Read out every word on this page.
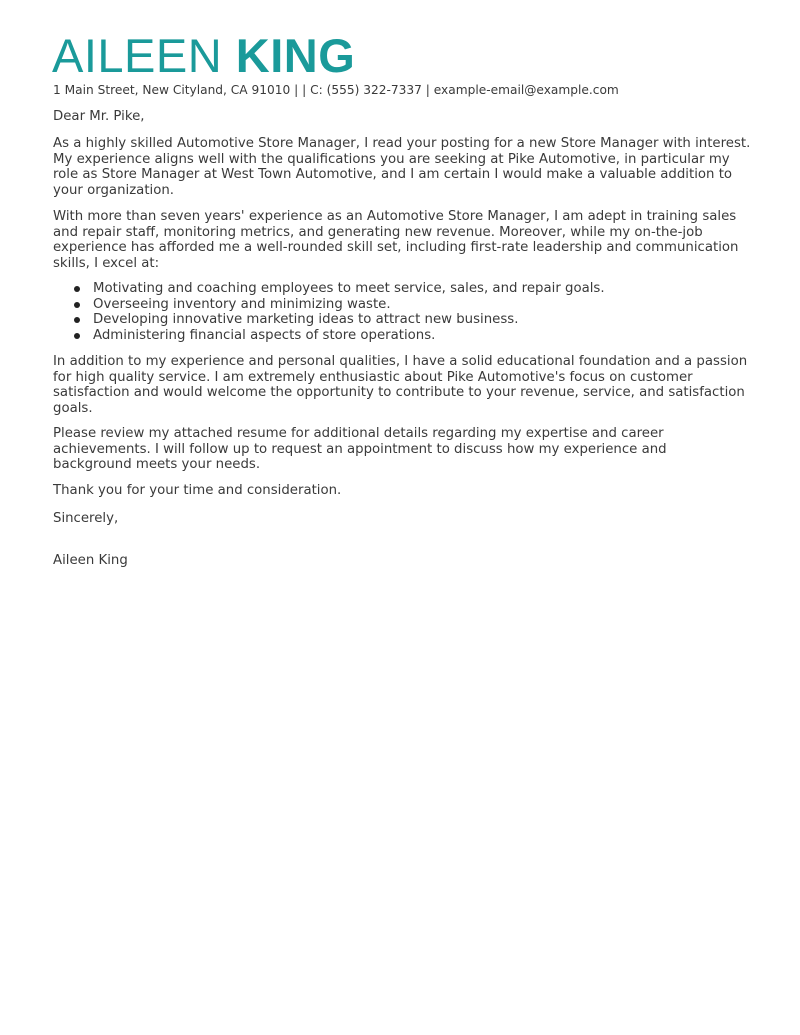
AILEEN KING
1 Main Street, New Cityland, CA 91010 | | C: (555) 322-7337 | example-email@example.com

Dear Mr. Pike,

As a highly skilled Automotive Store Manager, I read your posting for a new Store Manager with interest.

My experience aligns well with the qualifications you are seeking at Pike Automotive, in particular my

role as Store Manager at West Town Automotive, and I am certain I would make a valuable addition to

your organization.

With more than seven years' experience as an Automotive Store Manager, I am adept in training sales

and repair staff, monitoring metrics, and generating new revenue. Moreover, while my on-the-job

experience has afforded me a well-rounded skill set, including first-rate leadership and communication

skills, I excel at:

Motivating and coaching employees to meet service, sales, and repair goals.
Overseeing inventory and minimizing waste.
Developing innovative marketing ideas to attract new business.
Administering financial aspects of store operations.

In addition to my experience and personal qualities, I have a solid educational foundation and a passion

for high quality service. I am extremely enthusiastic about Pike Automotive's focus on customer

satisfaction and would welcome the opportunity to contribute to your revenue, service, and satisfaction

goals.

Please review my attached resume for additional details regarding my expertise and career

achievements. I will follow up to request an appointment to discuss how my experience and

background meets your needs.

Thank you for your time and consideration.

Sincerely,

Aileen King
